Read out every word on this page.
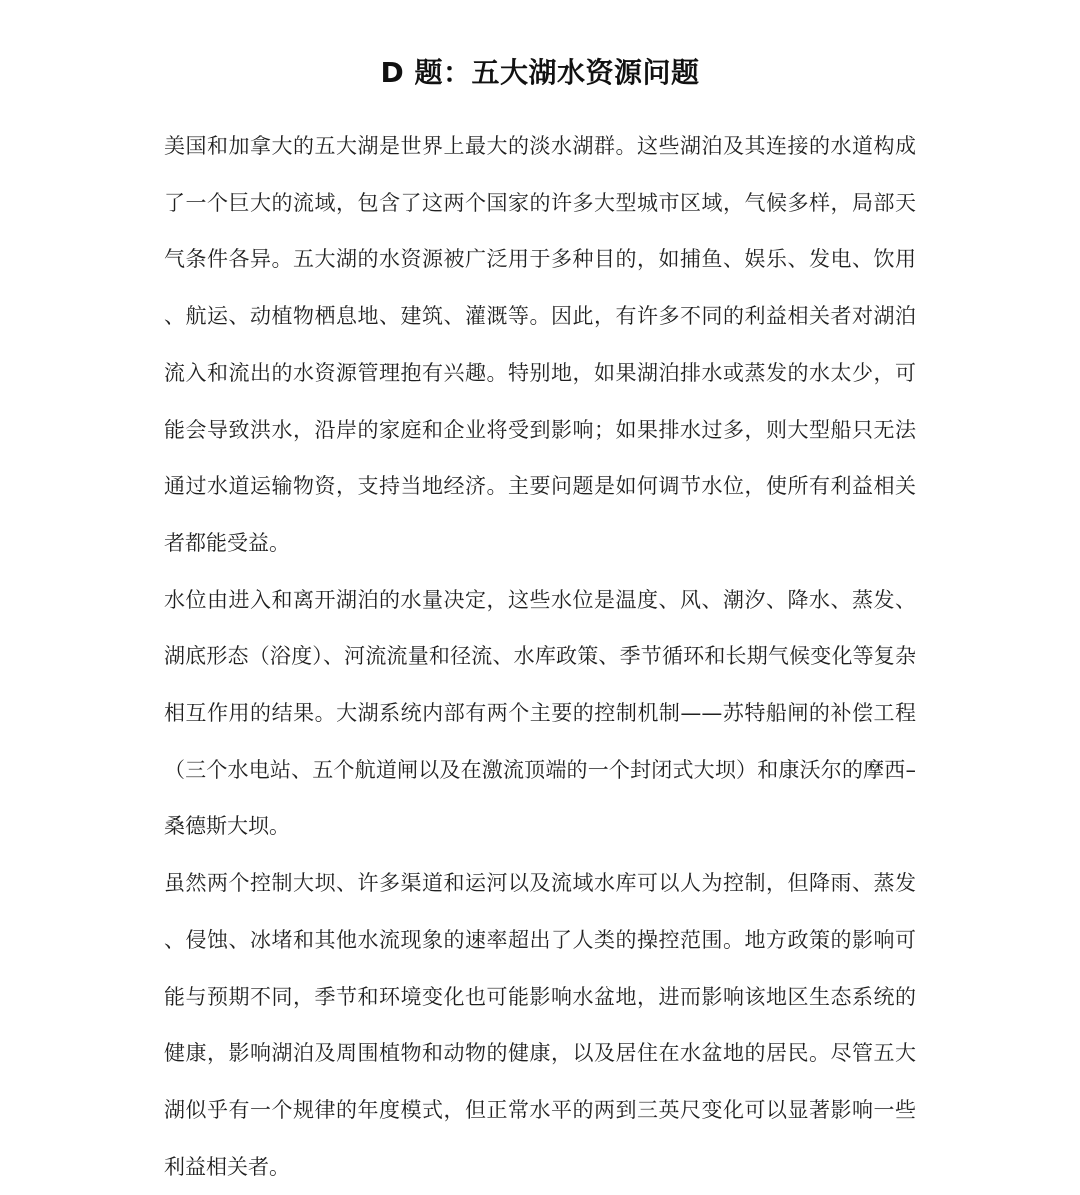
D 题：五大湖水资源问题

美国和加拿大的五大湖是世界上最大的淡水湖群。这些湖泊及其连接的水道构成了一个巨大的流域，包含了这两个国家的许多大型城市区域，气候多样，局部天气条件各异。五大湖的水资源被广泛用于多种目的，如捕鱼、娱乐、发电、饮用、航运、动植物栖息地、建筑、灌溉等。因此，有许多不同的利益相关者对湖泊流入和流出的水资源管理抱有兴趣。特别地，如果湖泊排水或蒸发的水太少，可能会导致洪水，沿岸的家庭和企业将受到影响；如果排水过多，则大型船只无法通过水道运输物资，支持当地经济。主要问题是如何调节水位，使所有利益相关者都能受益。

水位由进入和离开湖泊的水量决定，这些水位是温度、风、潮汐、降水、蒸发、湖底形态（浴度）、河流流量和径流、水库政策、季节循环和长期气候变化等复杂相互作用的结果。大湖系统内部有两个主要的控制机制——苏特船闸的补偿工程（三个水电站、五个航道闸以及在激流顶端的一个封闭式大坝）和康沃尔的摩西–桑德斯大坝。

虽然两个控制大坝、许多渠道和运河以及流域水库可以人为控制，但降雨、蒸发、侵蚀、冰堵和其他水流现象的速率超出了人类的操控范围。地方政策的影响可能与预期不同，季节和环境变化也可能影响水盆地，进而影响该地区生态系统的健康，影响湖泊及周围植物和动物的健康，以及居住在水盆地的居民。尽管五大湖似乎有一个规律的年度模式，但正常水平的两到三英尺变化可以显著影响一些利益相关者。
